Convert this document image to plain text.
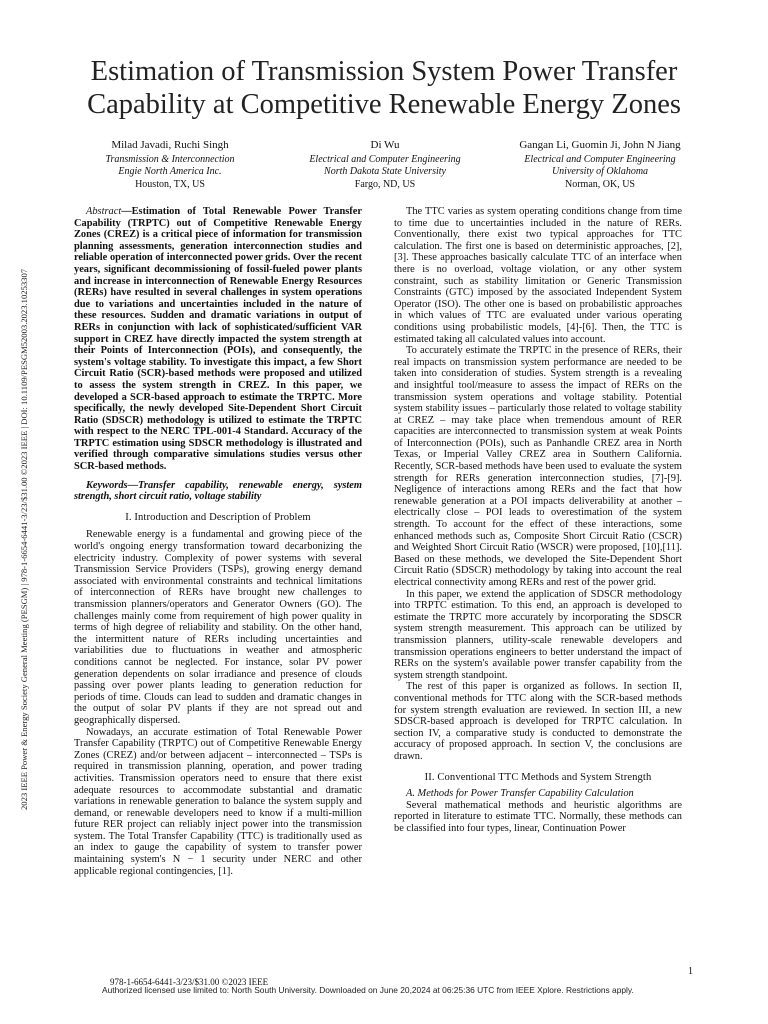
2023 IEEE Power & Energy Society General Meeting (PESGM) | 978-1-6654-6441-3/23/$31.00 ©2023 IEEE | DOI: 10.1109/PESGM52003.2023.10253307
Estimation of Transmission System Power Transfer
Capability at Competitive Renewable Energy Zones
Milad Javadi, Ruchi Singh
Transmission & Interconnection
Engie North America Inc.
Houston, TX, US
Di Wu
Electrical and Computer Engineering
North Dakota State University
Fargo, ND, US
Gangan Li, Guomin Ji, John N Jiang
Electrical and Computer Engineering
University of Oklahoma
Norman, OK, US

Abstract—Estimation of Total Renewable Power Transfer Capability (TRPTC) out of Competitive Renewable Energy Zones (CREZ) is a critical piece of information for transmission planning assessments, generation interconnection studies and reliable operation of interconnected power grids. Over the recent years, significant decommissioning of fossil-fueled power plants and increase in interconnection of Renewable Energy Resources (RERs) have resulted in several challenges in system operations due to variations and uncertainties included in the nature of these resources. Sudden and dramatic variations in output of RERs in conjunction with lack of sophisticated/sufficient VAR support in CREZ have directly impacted the system strength at their Points of Interconnection (POIs), and consequently, the system's voltage stability. To investigate this impact, a few Short Circuit Ratio (SCR)-based methods were proposed and utilized to assess the system strength in CREZ. In this paper, we developed a SCR-based approach to estimate the TRPTC. More specifically, the newly developed Site-Dependent Short Circuit Ratio (SDSCR) methodology is utilized to estimate the TRPTC with respect to the NERC TPL-001-4 Standard. Accuracy of the TRPTC estimation using SDSCR methodology is illustrated and verified through comparative simulations studies versus other SCR-based methods.

Keywords—Transfer capability, renewable energy, system strength, short circuit ratio, voltage stability

I. Introduction and Description of Problem

Renewable energy is a fundamental and growing piece of the world's ongoing energy transformation toward decarbonizing the electricity industry. Complexity of power systems with several Transmission Service Providers (TSPs), growing energy demand associated with environmental constraints and technical limitations of interconnection of RERs have brought new challenges to transmission planners/operators and Generator Owners (GO). The challenges mainly come from requirement of high power quality in terms of high degree of reliability and stability. On the other hand, the intermittent nature of RERs including uncertainties and variabilities due to fluctuations in weather and atmospheric conditions cannot be neglected. For instance, solar PV power generation dependents on solar irradiance and presence of clouds passing over power plants leading to generation reduction for periods of time. Clouds can lead to sudden and dramatic changes in the output of solar PV plants if they are not spread out and geographically dispersed.

Nowadays, an accurate estimation of Total Renewable Power Transfer Capability (TRPTC) out of Competitive Renewable Energy Zones (CREZ) and/or between adjacent – interconnected – TSPs is required in transmission planning, operation, and power trading activities. Transmission operators need to ensure that there exist adequate resources to accommodate substantial and dramatic variations in renewable generation to balance the system supply and demand, or renewable developers need to know if a multi-million future RER project can reliably inject power into the transmission system. The Total Transfer Capability (TTC) is traditionally used as an index to gauge the capability of system to transfer power maintaining system's N − 1 security under NERC and other applicable regional contingencies, [1].

The TTC varies as system operating conditions change from time to time due to uncertainties included in the nature of RERs. Conventionally, there exist two typical approaches for TTC calculation. The first one is based on deterministic approaches, [2],[3]. These approaches basically calculate TTC of an interface when there is no overload, voltage violation, or any other system constraint, such as stability limitation or Generic Transmission Constraints (GTC) imposed by the associated Independent System Operator (ISO). The other one is based on probabilistic approaches in which values of TTC are evaluated under various operating conditions using probabilistic models, [4]-[6]. Then, the TTC is estimated taking all calculated values into account.

To accurately estimate the TRPTC in the presence of RERs, their real impacts on transmission system performance are needed to be taken into consideration of studies. System strength is a revealing and insightful tool/measure to assess the impact of RERs on the transmission system operations and voltage stability. Potential system stability issues – particularly those related to voltage stability at CREZ – may take place when tremendous amount of RER capacities are interconnected to transmission system at weak Points of Interconnection (POIs), such as Panhandle CREZ area in North Texas, or Imperial Valley CREZ area in Southern California. Recently, SCR-based methods have been used to evaluate the system strength for RERs generation interconnection studies, [7]-[9]. Negligence of interactions among RERs and the fact that how renewable generation at a POI impacts deliverability at another – electrically close – POI leads to overestimation of the system strength. To account for the effect of these interactions, some enhanced methods such as, Composite Short Circuit Ratio (CSCR) and Weighted Short Circuit Ratio (WSCR) were proposed, [10],[11]. Based on these methods, we developed the Site-Dependent Short Circuit Ratio (SDSCR) methodology by taking into account the real electrical connectivity among RERs and rest of the power grid.

In this paper, we extend the application of SDSCR methodology into TRPTC estimation. To this end, an approach is developed to estimate the TRPTC more accurately by incorporating the SDSCR system strength measurement. This approach can be utilized by transmission planners, utility-scale renewable developers and transmission operations engineers to better understand the impact of RERs on the system's available power transfer capability from the system strength standpoint.

The rest of this paper is organized as follows. In section II, conventional methods for TTC along with the SCR-based methods for system strength evaluation are reviewed. In section III, a new SDSCR-based approach is developed for TRPTC calculation. In section IV, a comparative study is conducted to demonstrate the accuracy of proposed approach. In section V, the conclusions are drawn.

II. Conventional TTC Methods and System Strength

A. Methods for Power Transfer Capability Calculation

Several mathematical methods and heuristic algorithms are reported in literature to estimate TTC. Normally, these methods can be classified into four types, linear, Continuation Power

1
978-1-6654-6441-3/23/$31.00 ©2023 IEEE
Authorized licensed use limited to: North South University. Downloaded on June 20,2024 at 06:25:36 UTC from IEEE Xplore. Restrictions apply.
